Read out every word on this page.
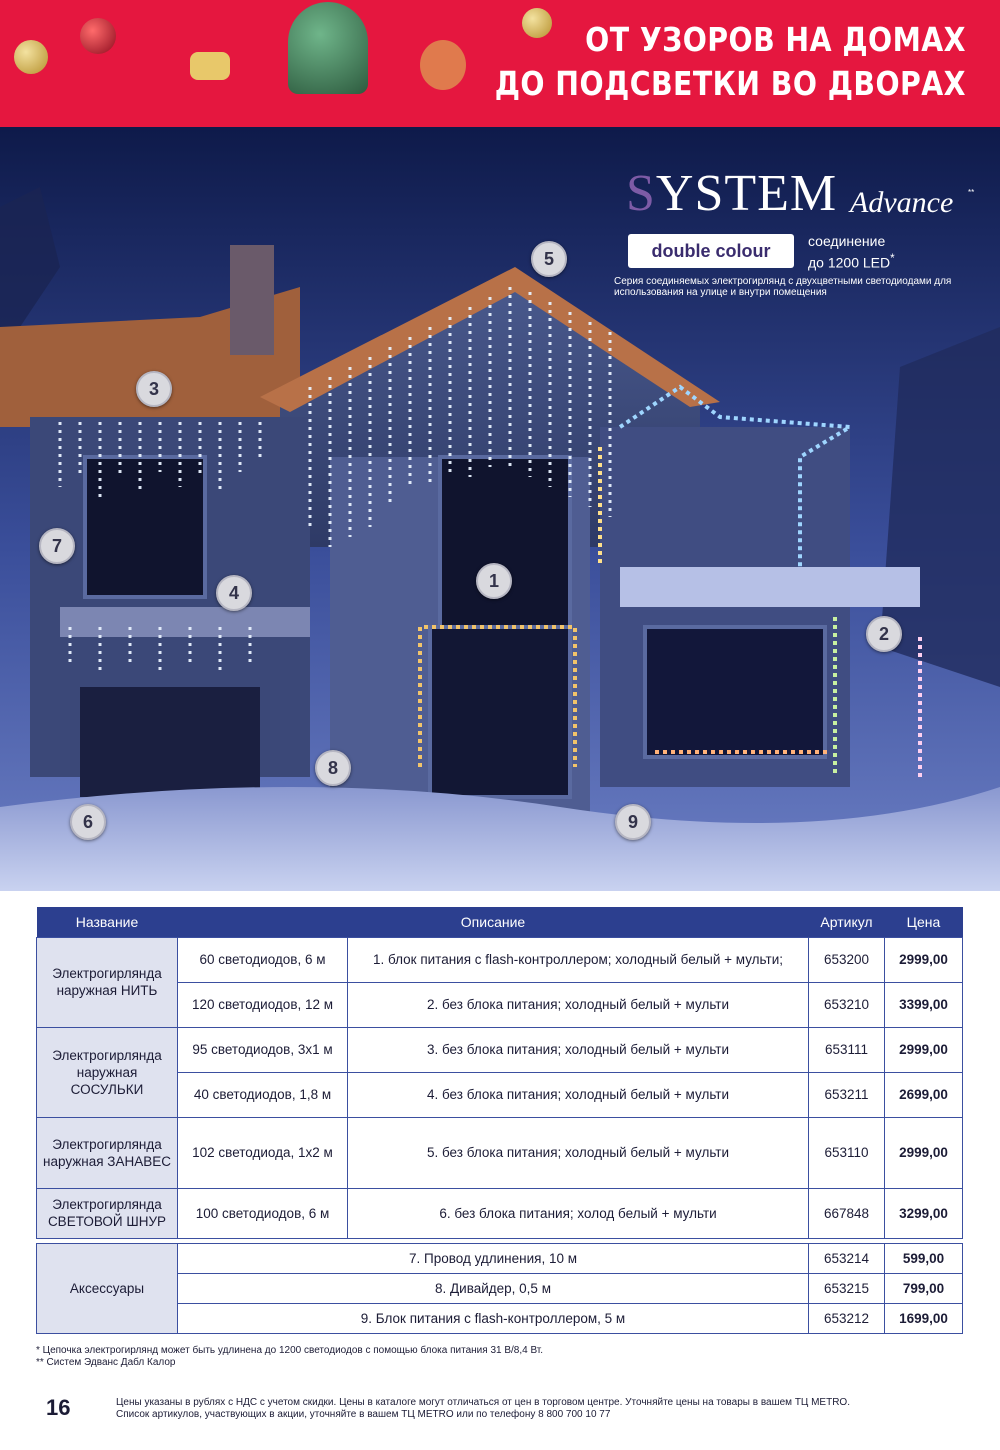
ОТ УЗОРОВ НА ДОМАХ
ДО ПОДСВЕТКИ ВО ДВОРАХ
1
2
3
4
5
6
7
8
9
SYSTEM Advance **
double colour	соединение
до 1200 LED*
Серия соединяемых электрогирлянд с двухцветными светодиодами для использования на улице и внутри помещения
Название	Описание		Артикул	Цена
Электрогирлянда наружная НИТЬ	60 светодиодов, 6 м	1. блок питания с flash-контроллером; холодный белый + мульти;	653200	2999,00
	120 светодиодов, 12 м	2. без блока питания; холодный белый + мульти	653210	3399,00
Электрогирлянда наружная СОСУЛЬКИ	95 светодиодов, 3х1 м	3. без блока питания; холодный белый + мульти	653111	2999,00
	40 светодиодов, 1,8 м	4. без блока питания; холодный белый + мульти	653211	2699,00
Электрогирлянда наружная ЗАНАВЕС	102 светодиода, 1х2 м	5. без блока питания; холодный белый + мульти	653110	2999,00
Электрогирлянда СВЕТОВОЙ ШНУР	100 светодиодов, 6 м	6. без блока питания; холод белый + мульти	667848	3299,00
Аксессуары	7. Провод удлинения, 10 м	653214	599,00
	8. Дивайдер, 0,5 м	653215	799,00
	9. Блок питания с flash-контроллером, 5 м	653212	1699,00
* Цепочка электрогирлянд может быть удлинена до 1200 светодиодов с помощью блока питания 31 В/8,4 Вт.
** Систем Эдванс Дабл Калор
16	Цены указаны в рублях с НДС с учетом скидки. Цены в каталоге могут отличаться от цен в торговом центре. Уточняйте цены на товары в вашем ТЦ METRO.
Список артикулов, участвующих в акции, уточняйте в вашем ТЦ METRO или по телефону 8 800 700 10 77
